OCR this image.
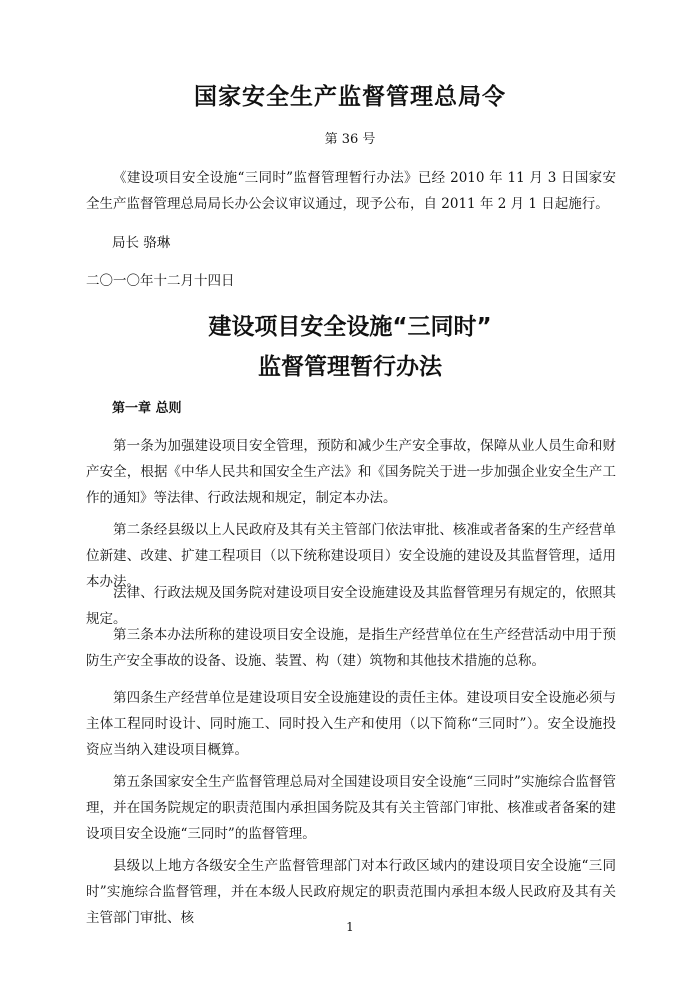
国家安全生产监督管理总局令
第 36 号

《建设项目安全设施“三同时”监督管理暂行办法》已经 2010 年 11 月 3 日国家安全生产监督管理总局局长办公会议审议通过，现予公布，自 2011 年 2 月 1 日起施行。

局长 骆琳

二〇一〇年十二月十四日

建设项目安全设施“三同时”
监督管理暂行办法
第一章 总则

第一条为加强建设项目安全管理，预防和减少生产安全事故，保障从业人员生命和财产安全，根据《中华人民共和国安全生产法》和《国务院关于进一步加强企业安全生产工作的通知》等法律、行政法规和规定，制定本办法。

第二条经县级以上人民政府及其有关主管部门依法审批、核准或者备案的生产经营单位新建、改建、扩建工程项目（以下统称建设项目）安全设施的建设及其监督管理，适用本办法。

法律、行政法规及国务院对建设项目安全设施建设及其监督管理另有规定的，依照其规定。

第三条本办法所称的建设项目安全设施，是指生产经营单位在生产经营活动中用于预防生产安全事故的设备、设施、装置、构（建）筑物和其他技术措施的总称。

第四条生产经营单位是建设项目安全设施建设的责任主体。建设项目安全设施必须与主体工程同时设计、同时施工、同时投入生产和使用（以下简称“三同时”）。安全设施投资应当纳入建设项目概算。

第五条国家安全生产监督管理总局对全国建设项目安全设施“三同时”实施综合监督管理，并在国务院规定的职责范围内承担国务院及其有关主管部门审批、核准或者备案的建设项目安全设施“三同时”的监督管理。

县级以上地方各级安全生产监督管理部门对本行政区域内的建设项目安全设施“三同时”实施综合监督管理，并在本级人民政府规定的职责范围内承担本级人民政府及其有关主管部门审批、核

1
